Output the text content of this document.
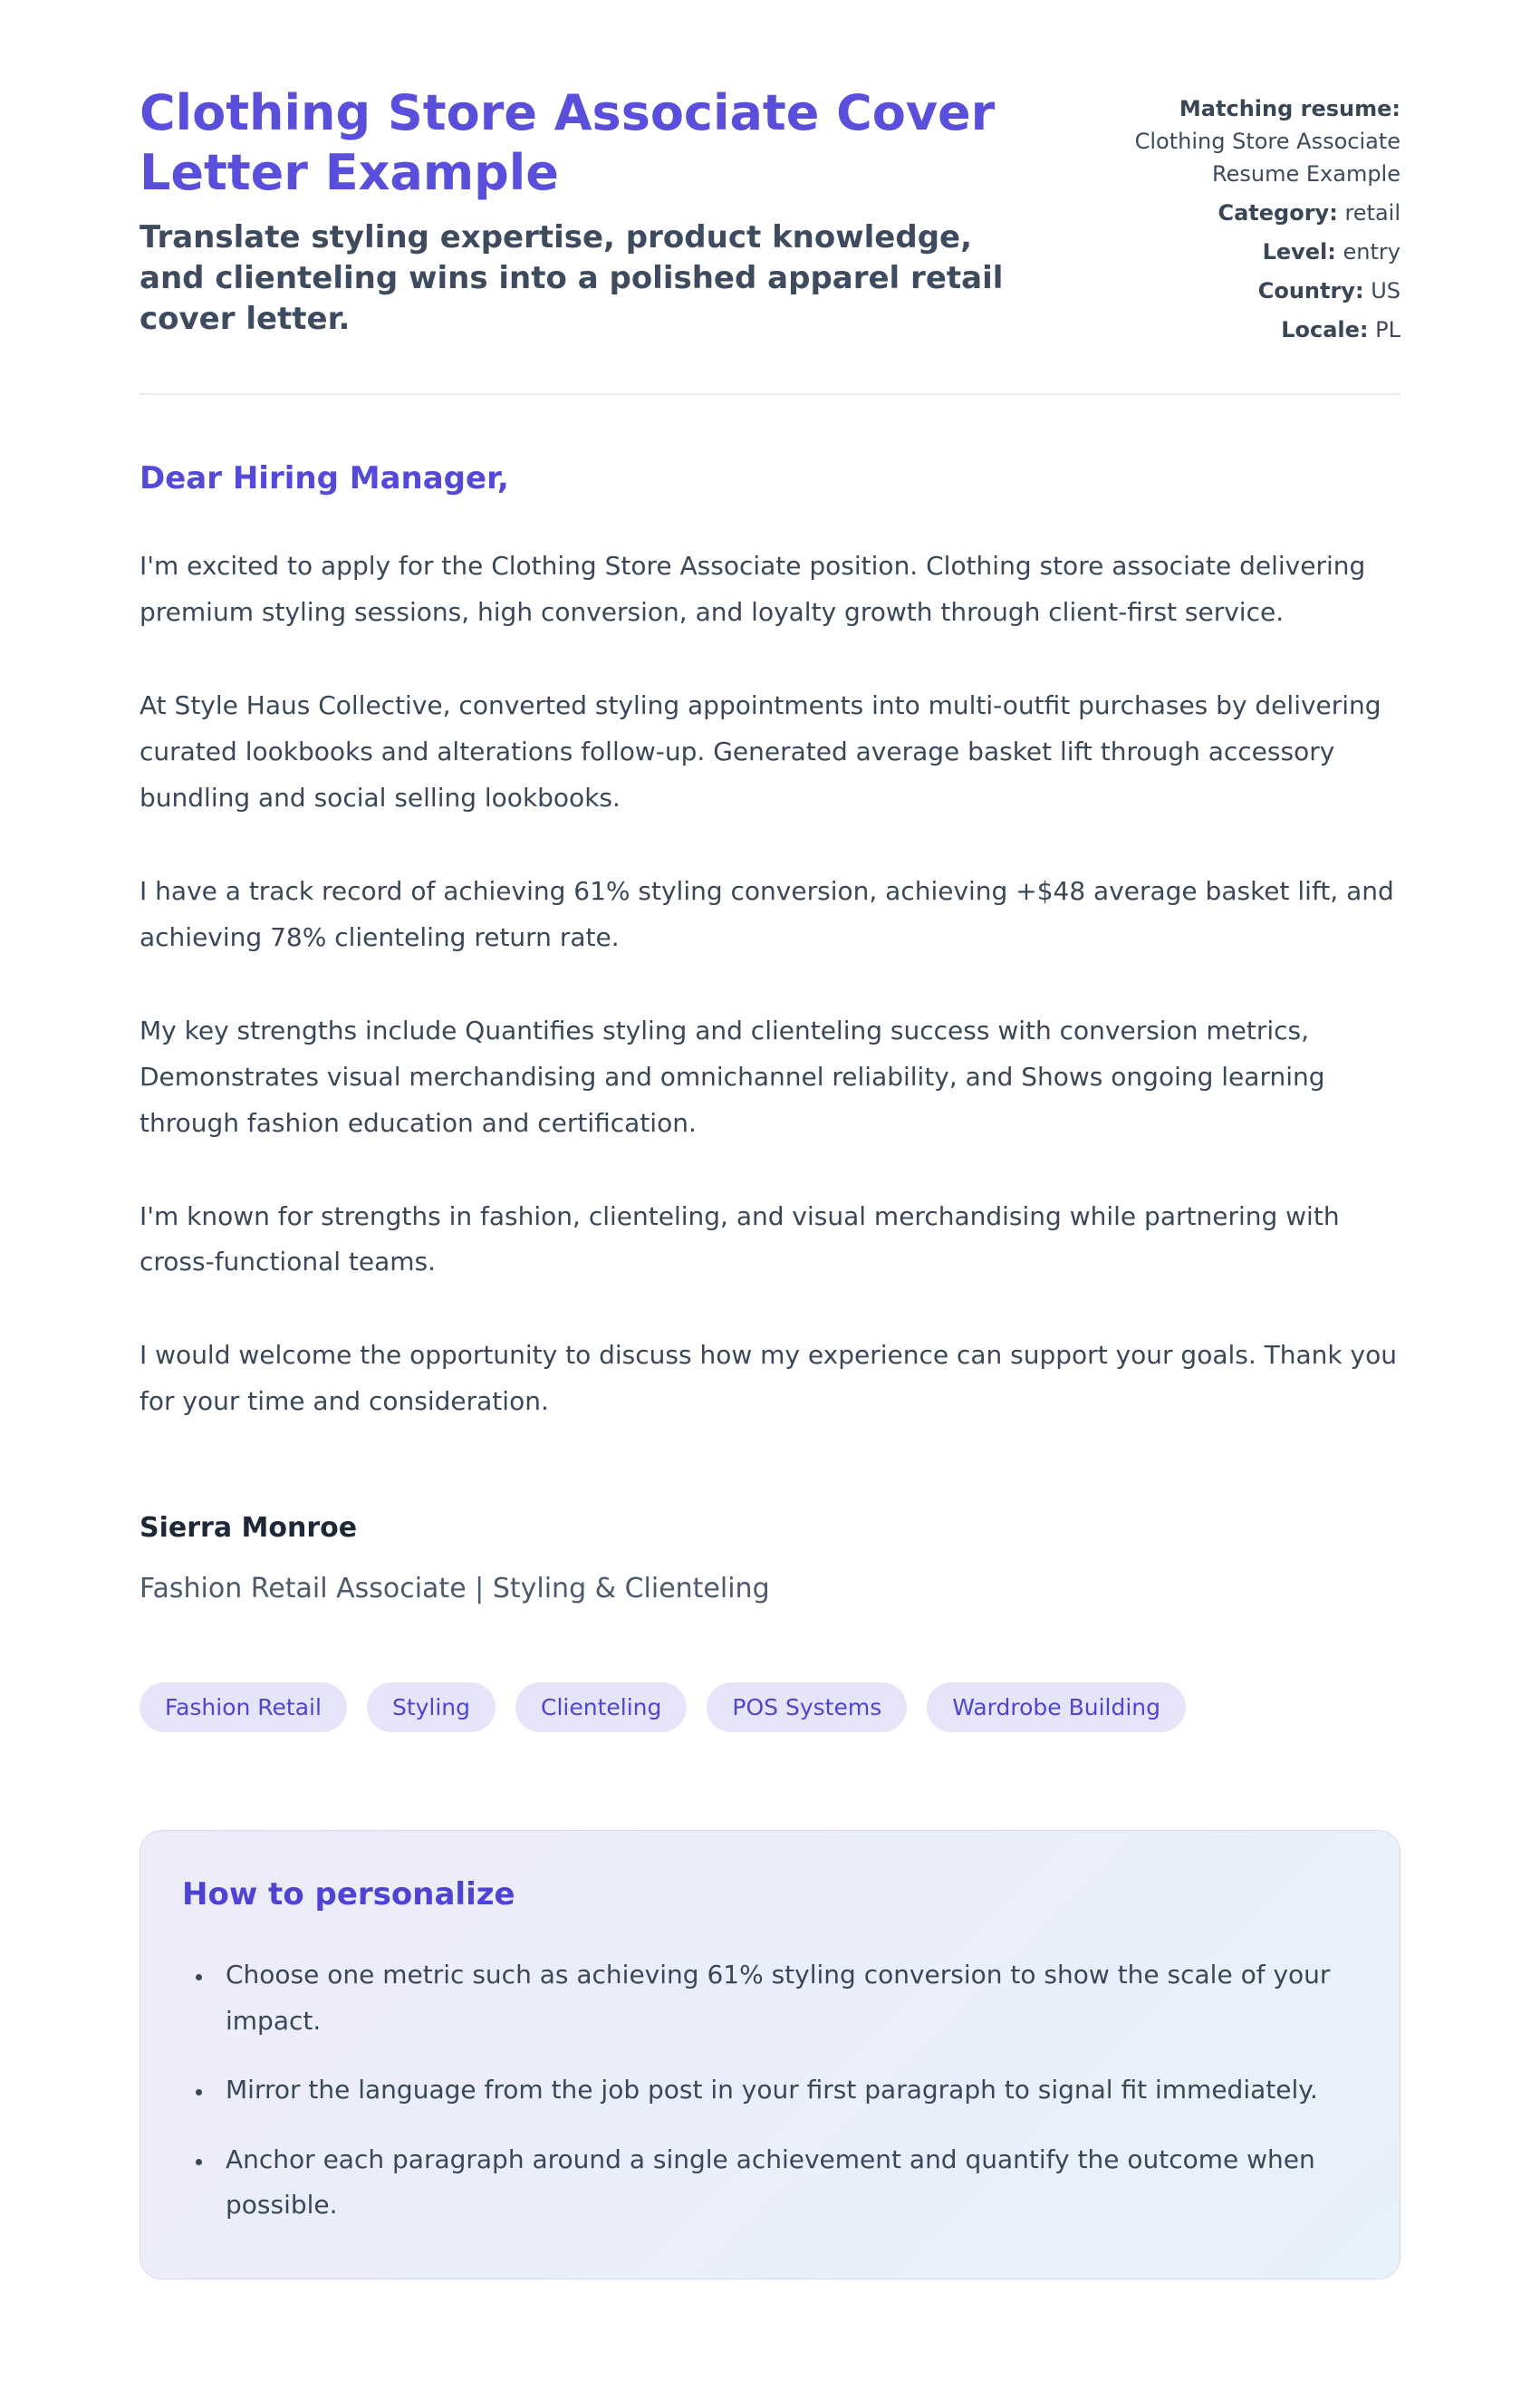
Clothing Store Associate Cover Letter Example

Translate styling expertise, product knowledge, and clienteling wins into a polished apparel retail cover letter.

Matching resume:
Clothing Store Associate Resume Example
Category: retail
Level: entry
Country: US
Locale: PL

Dear Hiring Manager,

I'm excited to apply for the Clothing Store Associate position. Clothing store associate delivering premium styling sessions, high conversion, and loyalty growth through client-first service.

At Style Haus Collective, converted styling appointments into multi-outfit purchases by delivering curated lookbooks and alterations follow-up. Generated average basket lift through accessory bundling and social selling lookbooks.

I have a track record of achieving 61% styling conversion, achieving +$48 average basket lift, and achieving 78% clienteling return rate.

My key strengths include Quantifies styling and clienteling success with conversion metrics, Demonstrates visual merchandising and omnichannel reliability, and Shows ongoing learning through fashion education and certification.

I'm known for strengths in fashion, clienteling, and visual merchandising while partnering with cross-functional teams.

I would welcome the opportunity to discuss how my experience can support your goals. Thank you for your time and consideration.

Sierra Monroe

Fashion Retail Associate | Styling & Clienteling

Fashion Retail	Styling	Clienteling	POS Systems	Wardrobe Building
How to personalize
• Choose one metric such as achieving 61% styling conversion to show the scale of your impact.
• Mirror the language from the job post in your first paragraph to signal fit immediately.
• Anchor each paragraph around a single achievement and quantify the outcome when possible.
